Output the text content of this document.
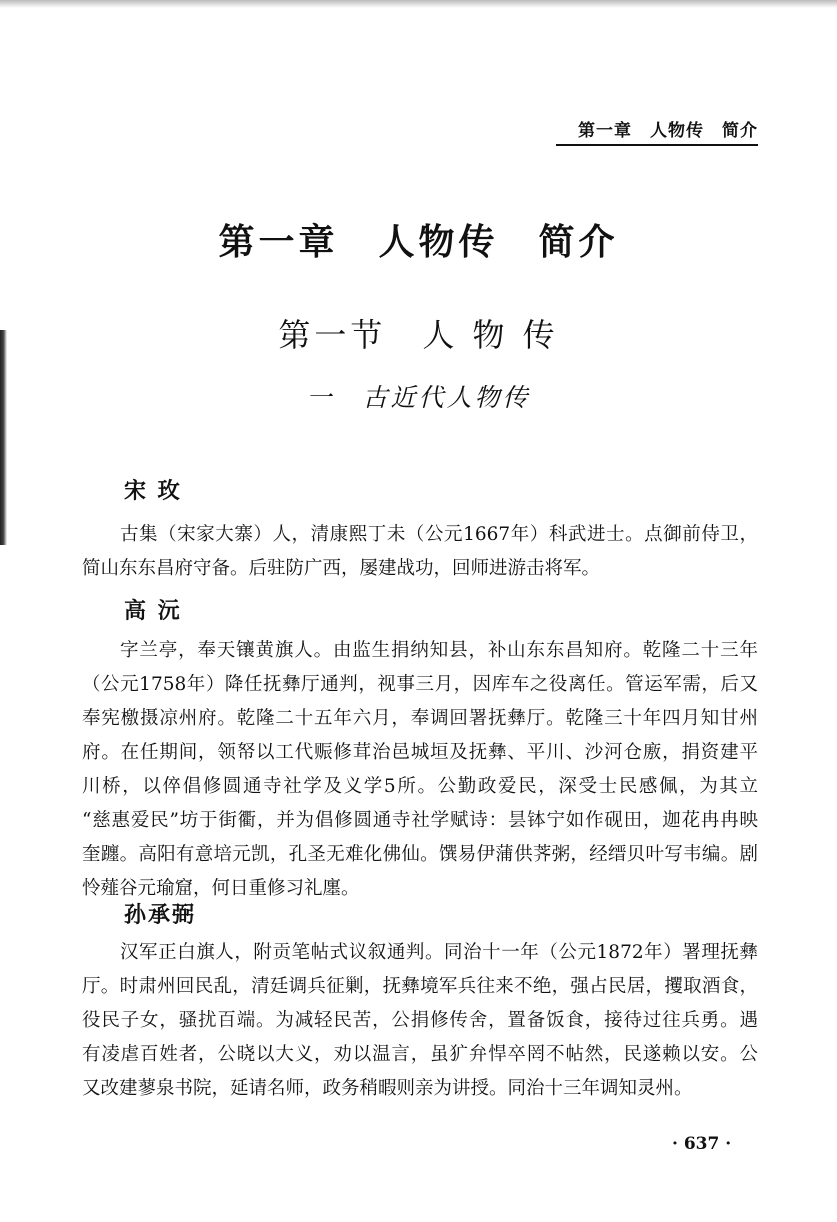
第一章　人物传　简介
第一章　人物传　简介
第一节　人 物 传
一　古近代人物传
宋 玫
古集（宋家大寨）人，清康熙丁未（公元1667年）科武进士。点御前侍卫，
简山东东昌府守备。后驻防广西，屡建战功，回师进游击将军。
高 沅
字兰亭，奉天镶黄旗人。由监生捐纳知县，补山东东昌知府。乾隆二十三年
（公元1758年）降任抚彝厅通判，视事三月，因库车之役离任。管运军需，后又
奉宪檄摄凉州府。乾隆二十五年六月，奉调回署抚彝厅。乾隆三十年四月知甘州
府。在任期间，领帑以工代赈修茸治邑城垣及抚彝、平川、沙河仓廒，捐资建平
川桥，以倅倡修圆通寺社学及义学5所。公勤政爱民，深受士民感佩，为其立
“慈惠爱民”坊于街衢，并为倡修圆通寺社学赋诗：昙钵宁如作砚田，迦花冉冉映
奎躔。高阳有意培元凯，孔圣无难化佛仙。馔易伊蒲供荠粥，经缙贝叶写韦编。剧
怜薤谷元瑜窟，何日重修习礼廛。
孙承弼
汉军正白旗人，附贡笔帖式议叙通判。同治十一年（公元1872年）署理抚彝
厅。时肃州回民乱，清廷调兵征剿，抚彝境军兵往来不绝，强占民居，攫取酒食，
役民子女，骚扰百端。为减轻民苦，公捐修传舍，置备饭食，接待过往兵勇。遇
有凌虐百姓者，公晓以大义，劝以温言，虽犷弁悍卒罔不帖然，民遂赖以安。公
又改建蓼泉书院，延请名师，政务稍暇则亲为讲授。同治十三年调知灵州。
· 637 ·
